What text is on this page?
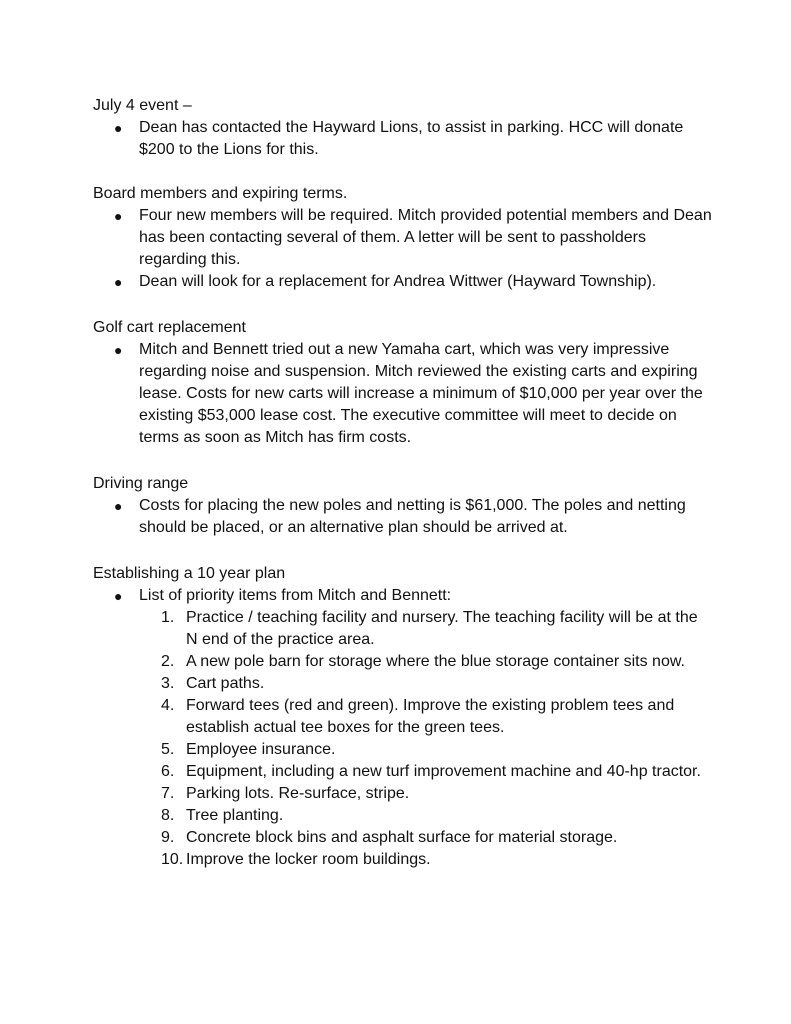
July 4 event –

● Dean has contacted the Hayward Lions, to assist in parking. HCC will donate $200 to the Lions for this.

Board members and expiring terms.

● Four new members will be required. Mitch provided potential members and Dean has been contacting several of them. A letter will be sent to passholders regarding this.
● Dean will look for a replacement for Andrea Wittwer (Hayward Township).

Golf cart replacement

● Mitch and Bennett tried out a new Yamaha cart, which was very impressive regarding noise and suspension. Mitch reviewed the existing carts and expiring lease. Costs for new carts will increase a minimum of $10,000 per year over the existing $53,000 lease cost. The executive committee will meet to decide on terms as soon as Mitch has firm costs.

Driving range

● Costs for placing the new poles and netting is $61,000. The poles and netting should be placed, or an alternative plan should be arrived at.

Establishing a 10 year plan

● List of priority items from Mitch and Bennett:
1. Practice / teaching facility and nursery. The teaching facility will be at the N end of the practice area.
2. A new pole barn for storage where the blue storage container sits now.
3. Cart paths.
4. Forward tees (red and green). Improve the existing problem tees and establish actual tee boxes for the green tees.
5. Employee insurance.
6. Equipment, including a new turf improvement machine and 40-hp tractor.
7. Parking lots. Re-surface, stripe.
8. Tree planting.
9. Concrete block bins and asphalt surface for material storage.
10. Improve the locker room buildings.
